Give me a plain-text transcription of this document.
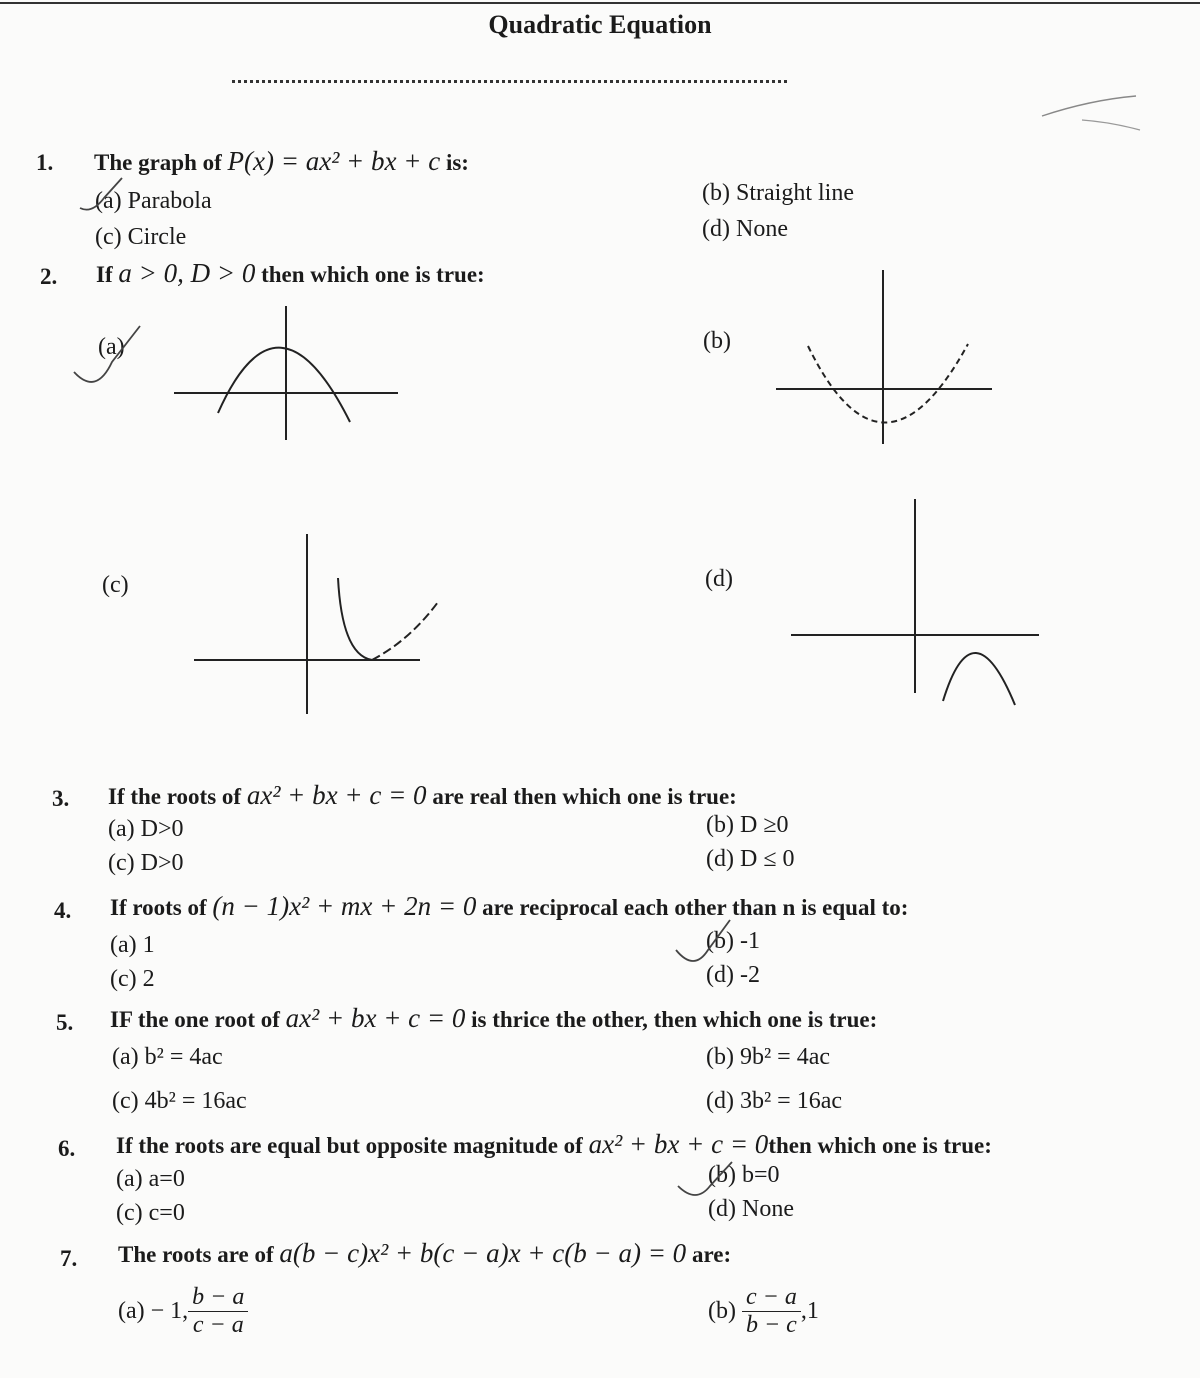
Quadratic Equation
1. The graph of P(x) = ax² + bx + c is:
(a) Parabola	(b) Straight line
(c) Circle	(d) None
2. If a > 0, D > 0 then which one is true:
(a)	(b)
(c)	(d)
3. If the roots of ax² + bx + c = 0 are real then which one is true:
(a) D>0	(b) D ≥0
(c) D>0	(d) D ≤ 0
4. If roots of (n − 1)x² + mx + 2n = 0 are reciprocal each other than n is equal to:
(a) 1	(b) -1
(c) 2	(d) -2
5. IF the one root of ax² + bx + c = 0 is thrice the other, then which one is true:
(a) b² = 4ac	(b) 9b² = 4ac
(c) 4b² = 16ac	(d) 3b² = 16ac
6. If the roots are equal but opposite magnitude of ax² + bx + c = 0then which one is true:
(a) a=0	(b) b=0
(c) c=0	(d) None
7. The roots are of a(b − c)x² + b(c − a)x + c(b − a) = 0 are:
(a) − 1, $\frac{b - a}{c - a}$	$(b) \frac{c - a}{b - c} ,1$
